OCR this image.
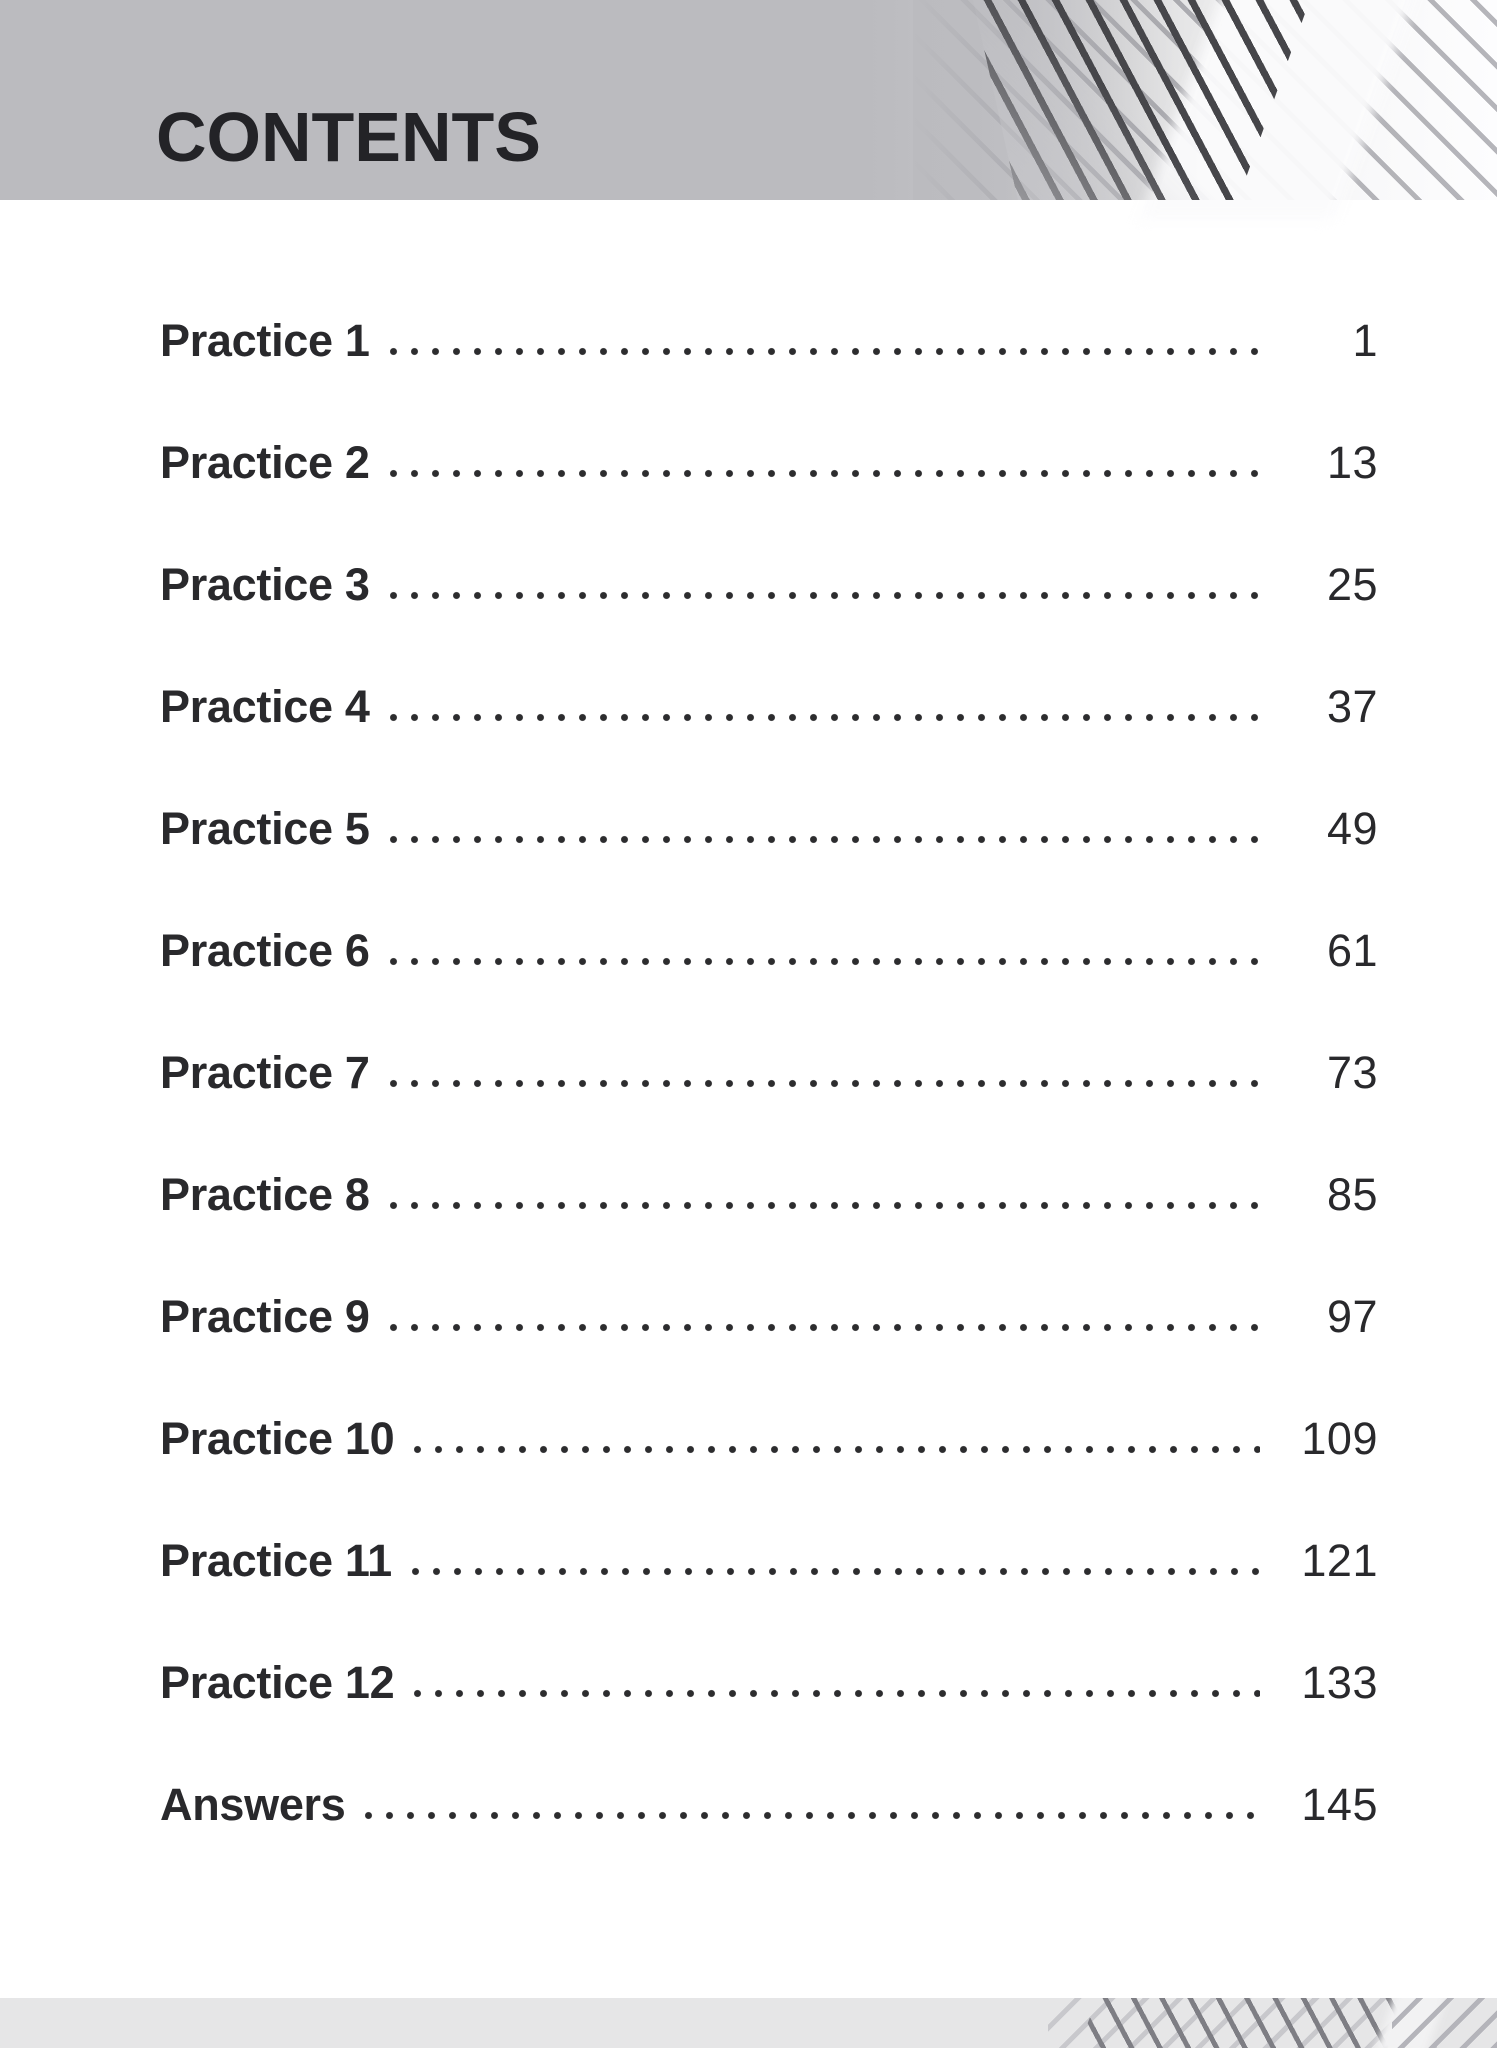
CONTENTS
Practice 1	1
Practice 2	13
Practice 3	25
Practice 4	37
Practice 5	49
Practice 6	61
Practice 7	73
Practice 8	85
Practice 9	97
Practice 10	109
Practice 11	121
Practice 12	133
Answers	145
